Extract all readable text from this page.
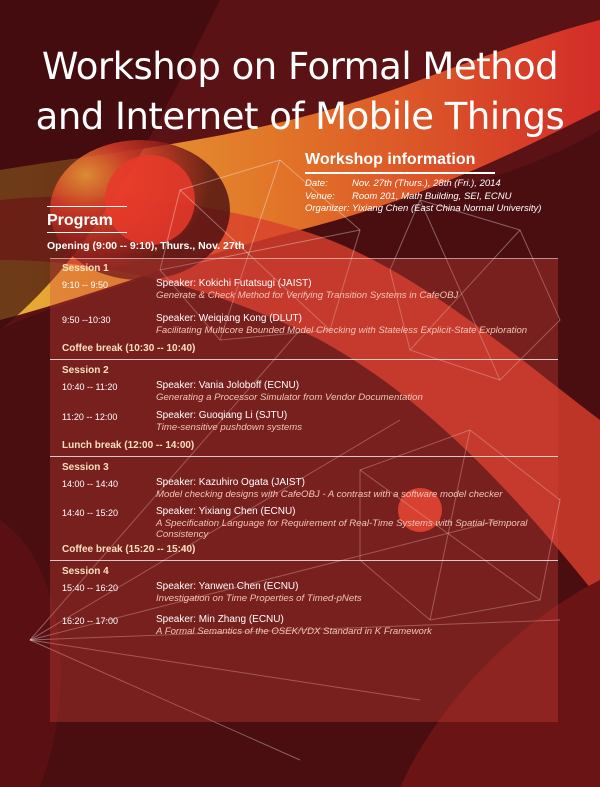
Workshop on Formal Method
and Internet of Mobile Things
Workshop information
Date:	Nov. 27th (Thurs.), 28th (Fri.), 2014
Venue:	Room 201, Math Building, SEI, ECNU
Organizer: Yixiang Chen (East China Normal University)
Program
Opening (9:00 -- 9:10), Thurs., Nov. 27th
Session 1
9:10 -- 9:50	Speaker: Kokichi Futatsugi (JAIST)
Generate & Check Method for Verifying Transition Systems in CafeOBJ
9:50 --10:30	Speaker: Weiqiang Kong (DLUT)
Facilitating Multicore Bounded Model Checking with Stateless Explicit-State Exploration
Coffee break (10:30 -- 10:40)
Session 2
10:40 -- 11:20	Speaker: Vania Joloboff (ECNU)
Generating a Processor Simulator from Vendor Documentation
11:20 -- 12:00	Speaker: Guoqiang Li (SJTU)
Time-sensitive pushdown systems
Lunch break (12:00 -- 14:00)
Session 3
14:00 -- 14:40	Speaker: Kazuhiro Ogata (JAIST)
Model checking designs with CafeOBJ - A contrast with a software model checker
14:40 -- 15:20	Speaker: Yixiang Chen (ECNU)
A Specification Language for Requirement of Real-Time Systems with Spatial-Temporal Consistency
Coffee break (15:20 -- 15:40)
Session 4
15:40 -- 16:20	Speaker: Yanwen Chen (ECNU)
Investigation on Time Properties of Timed-pNets
16:20 -- 17:00	Speaker: Min Zhang (ECNU)
A Formal Semantics of the OSEK/VDX Standard in K Framework
